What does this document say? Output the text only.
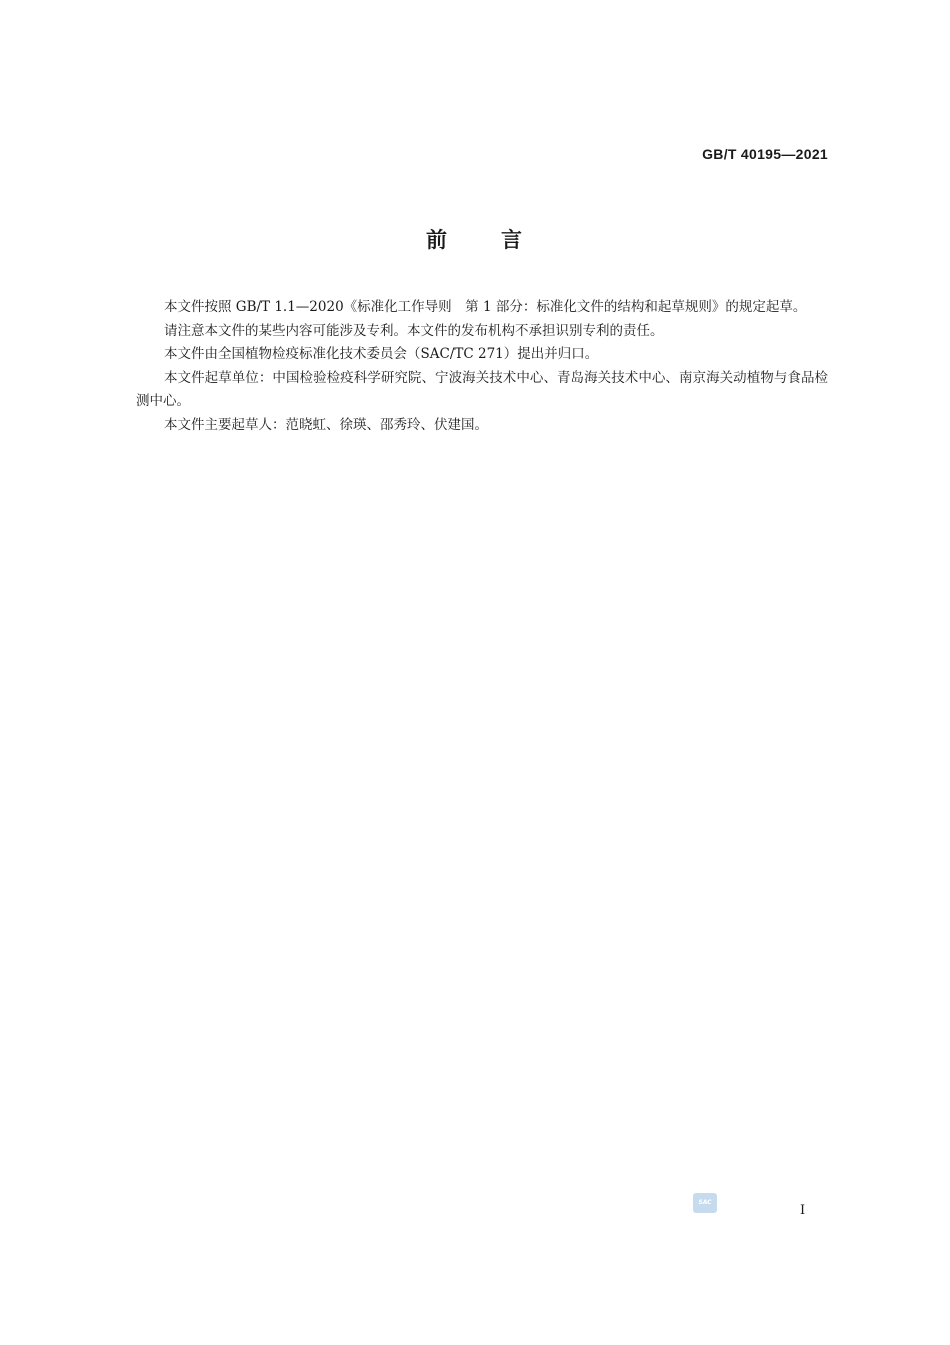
GB/T 40195—2021
前 言

本文件按照 GB/T 1.1—2020《标准化工作导则　第 1 部分：标准化文件的结构和起草规则》的规定起草。

请注意本文件的某些内容可能涉及专利。本文件的发布机构不承担识别专利的责任。

本文件由全国植物检疫标准化技术委员会（SAC/TC 271）提出并归口。

本文件起草单位：中国检验检疫科学研究院、宁波海关技术中心、青岛海关技术中心、南京海关动植物与食品检测中心。

本文件主要起草人：范晓虹、徐瑛、邵秀玲、伏建国。

SAC
Ⅰ
